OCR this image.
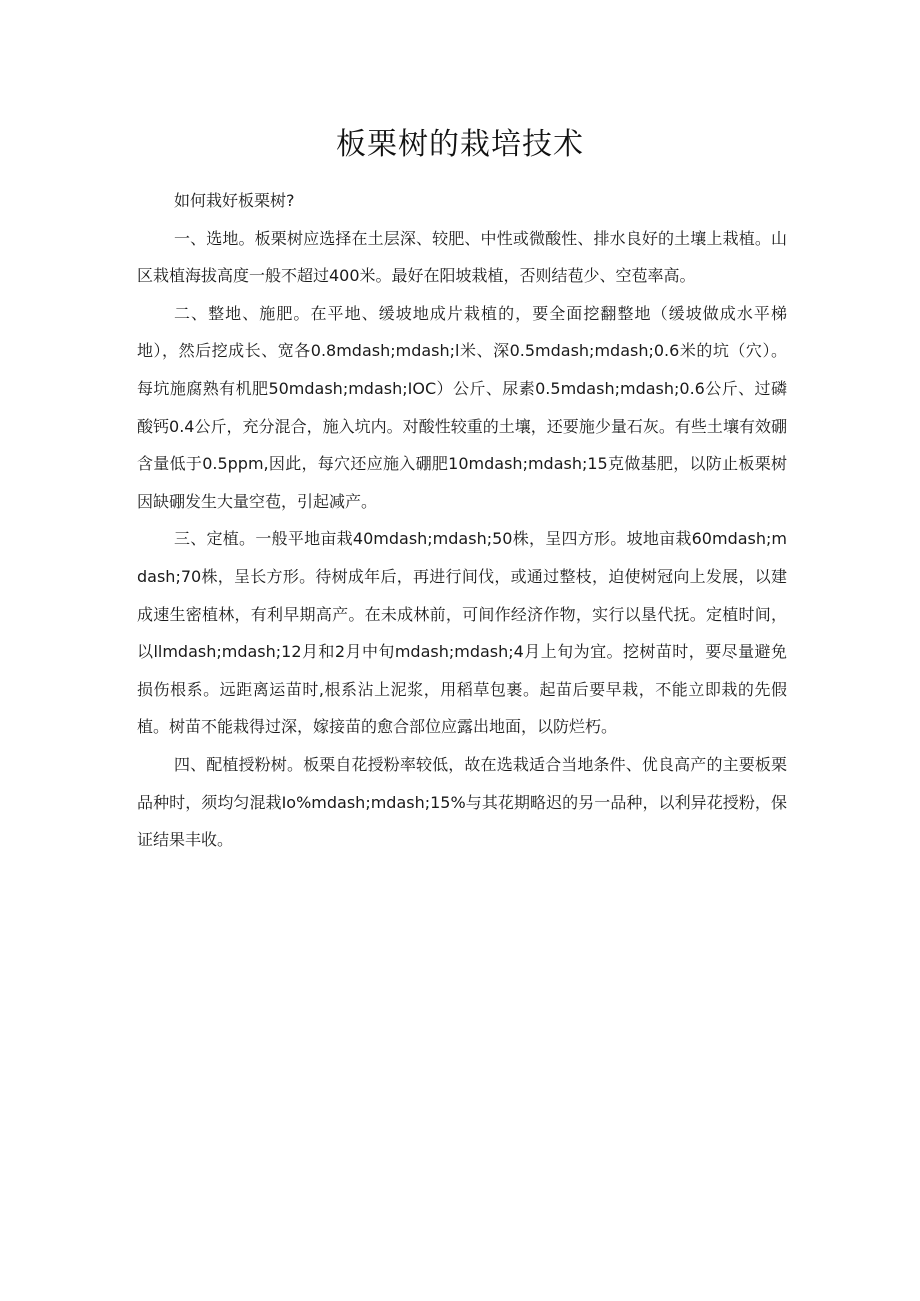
板栗树的栽培技术

如何栽好板栗树?

一、选地。板栗树应选择在土层深、较肥、中性或微酸性、排水良好的土壤上栽植。山区栽植海拔高度一般不超过400米。最好在阳坡栽植，否则结苞少、空苞率高。

二、整地、施肥。在平地、缓坡地成片栽植的，要全面挖翻整地（缓坡做成水平梯地），然后挖成长、宽各0.8mdash;mdash;l米、深0.5mdash;mdash;0.6米的坑（穴）。每坑施腐熟有机肥50mdash;mdash;IOC）公斤、尿素0.5mdash;mdash;0.6公斤、过磷酸钙0.4公斤，充分混合，施入坑内。对酸性较重的土壤，还要施少量石灰。有些土壤有效硼含量低于0.5ppm,因此，每穴还应施入硼肥10mdash;mdash;15克做基肥，以防止板栗树因缺硼发生大量空苞，引起减产。

三、定植。一般平地亩栽40mdash;mdash;50株，呈四方形。坡地亩栽60mdash;mdash;70株，呈长方形。待树成年后，再进行间伐，或通过整枝，迫使树冠向上发展，以建成速生密植林，有利早期高产。在未成林前，可间作经济作物，实行以垦代抚。定植时间，以llmdash;mdash;12月和2月中旬mdash;mdash;4月上旬为宜。挖树苗时，要尽量避免损伤根系。远距离运苗时,根系沾上泥浆，用稻草包裹。起苗后要早栽，不能立即栽的先假植。树苗不能栽得过深，嫁接苗的愈合部位应露出地面，以防烂朽。

四、配植授粉树。板栗自花授粉率较低，故在选栽适合当地条件、优良高产的主要板栗品种时，须均匀混栽Io%mdash;mdash;15%与其花期略迟的另一品种，以利异花授粉，保证结果丰收。
